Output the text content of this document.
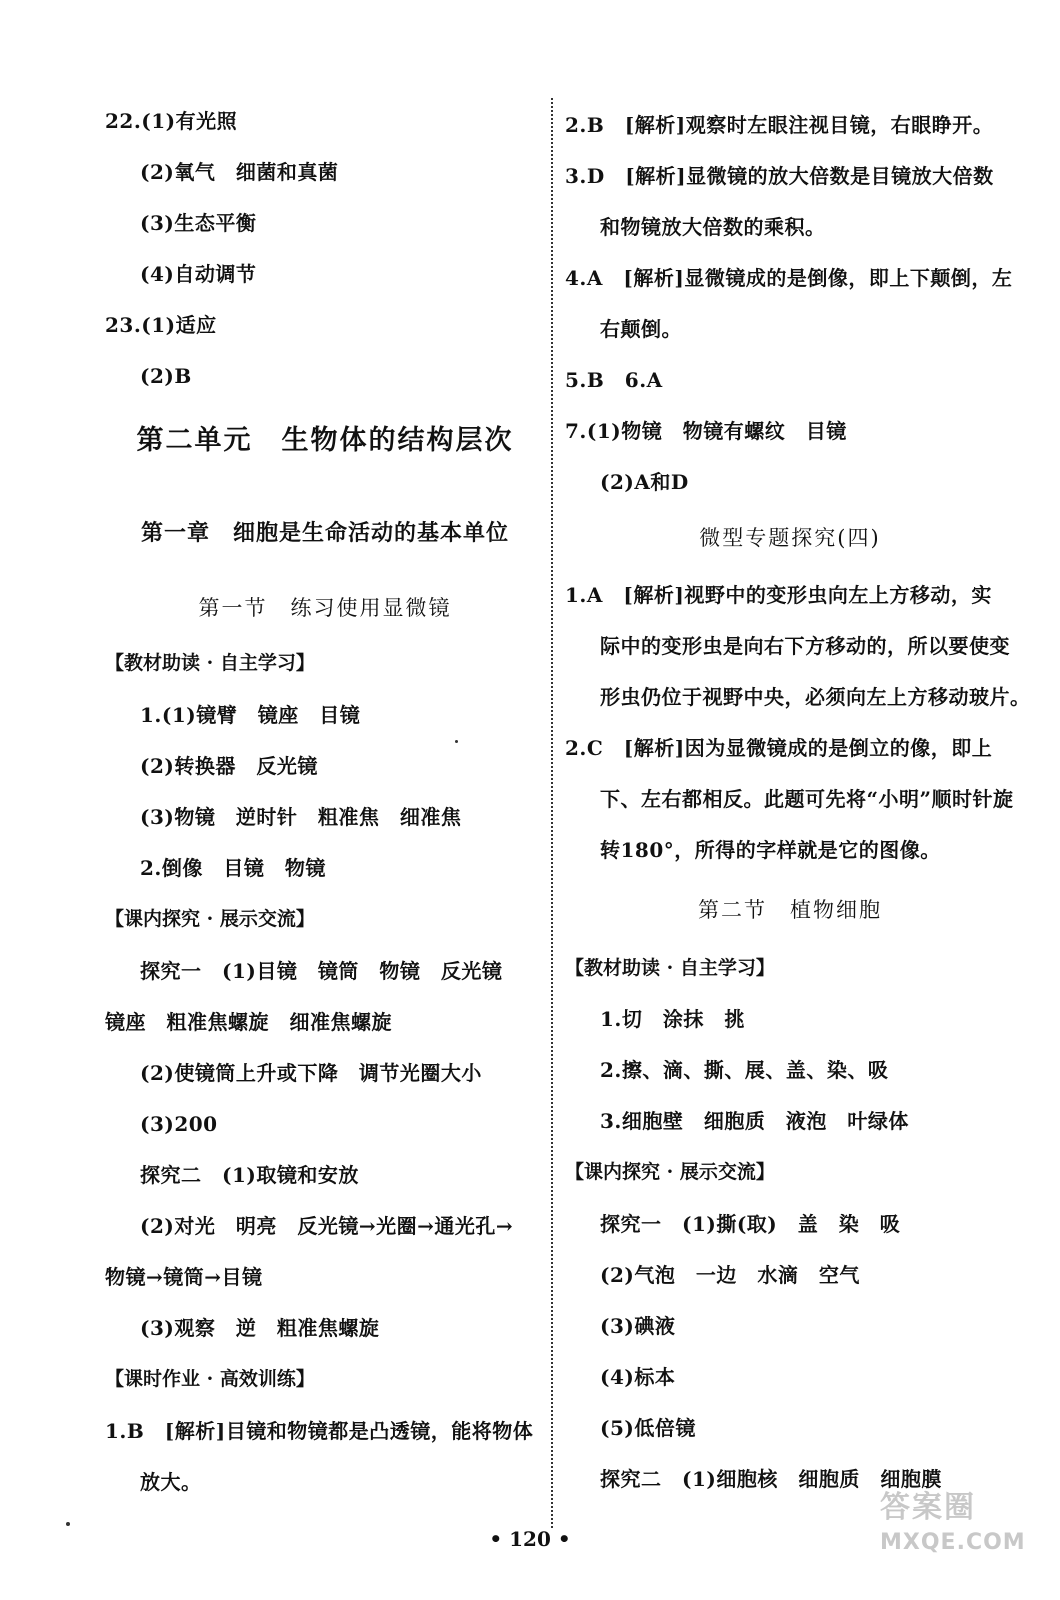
22.(1)有光照
(2)氧气　细菌和真菌
(3)生态平衡
(4)自动调节
23.(1)适应
(2)B
第二单元　生物体的结构层次
第一章　细胞是生命活动的基本单位
第一节　练习使用显微镜
【教材助读 · 自主学习】
1.(1)镜臂　镜座　目镜
(2)转换器　反光镜
(3)物镜　逆时针　粗准焦　细准焦
2.倒像　目镜　物镜
【课内探究 · 展示交流】
探究一　(1)目镜　镜筒　物镜　反光镜
镜座　粗准焦螺旋　细准焦螺旋
(2)使镜筒上升或下降　调节光圈大小
(3)200
探究二　(1)取镜和安放
(2)对光　明亮　反光镜→光圈→通光孔→
物镜→镜筒→目镜
(3)观察　逆　粗准焦螺旋
【课时作业 · 高效训练】
1.B　[解析]目镜和物镜都是凸透镜，能将物体
放大。
2.B　[解析]观察时左眼注视目镜，右眼睁开。
3.D　[解析]显微镜的放大倍数是目镜放大倍数
和物镜放大倍数的乘积。
4.A　[解析]显微镜成的是倒像，即上下颠倒，左
右颠倒。
5.B　6.A
7.(1)物镜　物镜有螺纹　目镜
(2)A和D
微型专题探究(四)
1.A　[解析]视野中的变形虫向左上方移动，实
际中的变形虫是向右下方移动的，所以要使变
形虫仍位于视野中央，必须向左上方移动玻片。
2.C　[解析]因为显微镜成的是倒立的像，即上
下、左右都相反。此题可先将“小明”顺时针旋
转180°，所得的字样就是它的图像。
第二节　植物细胞
【教材助读 · 自主学习】
1.切　涂抹　挑
2.擦、滴、撕、展、盖、染、吸
3.细胞壁　细胞质　液泡　叶绿体
【课内探究 · 展示交流】
探究一　(1)撕(取)　盖　染　吸
(2)气泡　一边　水滴　空气
(3)碘液
(4)标本
(5)低倍镜
探究二　(1)细胞核　细胞质　细胞膜
• 120 •
答案圈
MXQE.COM
